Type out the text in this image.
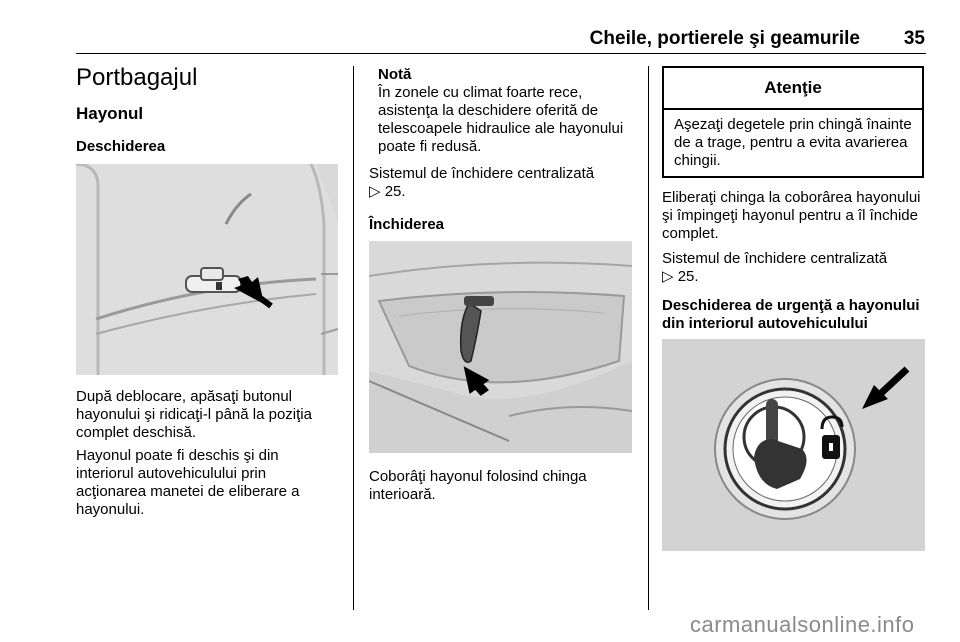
Cheile, portierele şi geamurile	35
Portbagajul
Hayonul
Deschiderea
După deblocare, apăsaţi butonul hayonului şi ridicaţi-l până la poziţia complet deschisă.
Hayonul poate fi deschis şi din interiorul autovehiculului prin acţionarea manetei de eliberare a hayonului.
Notă
În zonele cu climat foarte rece, asistenţa la deschidere oferită de telescoapele hidraulice ale hayonului poate fi redusă.
Sistemul de închidere centralizată
▷ 25.
Închiderea
Coborâţi hayonul folosind chinga interioară.
Atenţie
Aşezaţi degetele prin chingă înainte de a trage, pentru a evita avarierea chingii.
Eliberaţi chinga la coborârea hayonului şi împingeţi hayonul pentru a îl închide complet.
Sistemul de închidere centralizată
▷ 25.
Deschiderea de urgenţă a hayonului din interiorul autovehiculului
carmanualsonline.info
